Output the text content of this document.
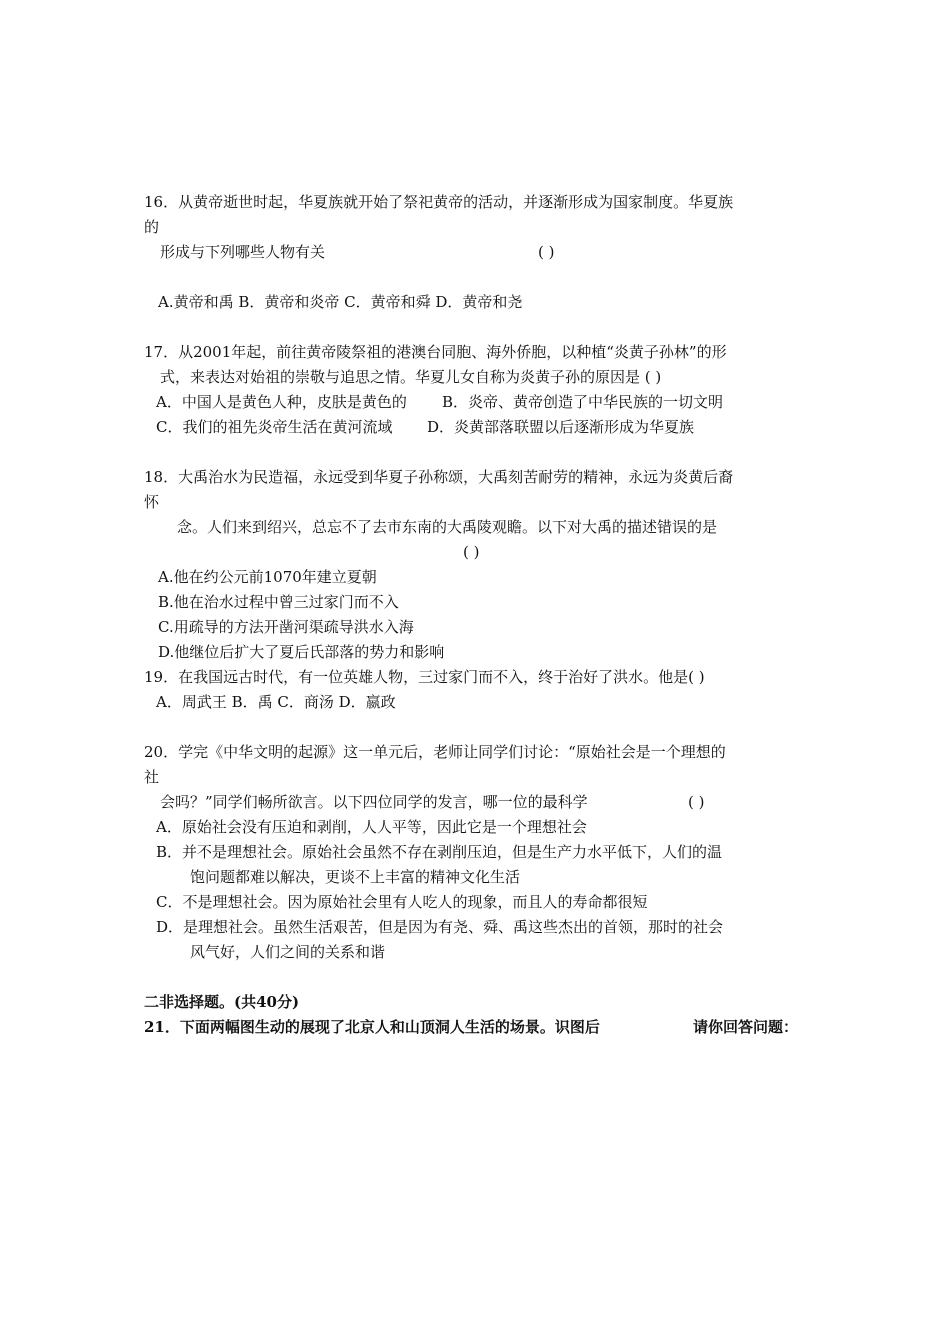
16．从黄帝逝世时起，华夏族就开始了祭祀黄帝的活动，并逐渐形成为国家制度。华夏族
的
形成与下列哪些人物有关	( )
A.黄帝和禹 B．黄帝和炎帝 C．黄帝和舜 D．黄帝和尧
17．从2001年起，前往黄帝陵祭祖的港澳台同胞、海外侨胞，以种植“炎黄子孙林”的形
式，来表达对始祖的崇敬与追思之情。华夏儿女自称为炎黄子孙的原因是 ( )
A．中国人是黄色人种，皮肤是黄色的 B．炎帝、黄帝创造了中华民族的一切文明
C．我们的祖先炎帝生活在黄河流域 D．炎黄部落联盟以后逐渐形成为华夏族
18．大禹治水为民造福，永远受到华夏子孙称颂，大禹刻苦耐劳的精神，永远为炎黄后裔
怀
念。人们来到绍兴，总忘不了去市东南的大禹陵观瞻。以下对大禹的描述错误的是
( )
A.他在约公元前1070年建立夏朝
B.他在治水过程中曾三过家门而不入
C.用疏导的方法开凿河渠疏导洪水入海
D.他继位后扩大了夏后氏部落的势力和影响
19．在我国远古时代，有一位英雄人物，三过家门而不入，终于治好了洪水。他是( )
A．周武王 B．禹 C．商汤 D．嬴政
20．学完《中华文明的起源》这一单元后，老师让同学们讨论：“原始社会是一个理想的
社
会吗？”同学们畅所欲言。以下四位同学的发言，哪一位的最科学	( )
A．原始社会没有压迫和剥削，人人平等，因此它是一个理想社会
B．并不是理想社会。原始社会虽然不存在剥削压迫，但是生产力水平低下，人们的温
饱问题都难以解决，更谈不上丰富的精神文化生活
C．不是理想社会。因为原始社会里有人吃人的现象，而且人的寿命都很短
D．是理想社会。虽然生活艰苦，但是因为有尧、舜、禹这些杰出的首领，那时的社会
风气好，人们之间的关系和谐
二非选择题。(共40分)
21．下面两幅图生动的展现了北京人和山顶洞人生活的场景。识图后	请你回答问题：
